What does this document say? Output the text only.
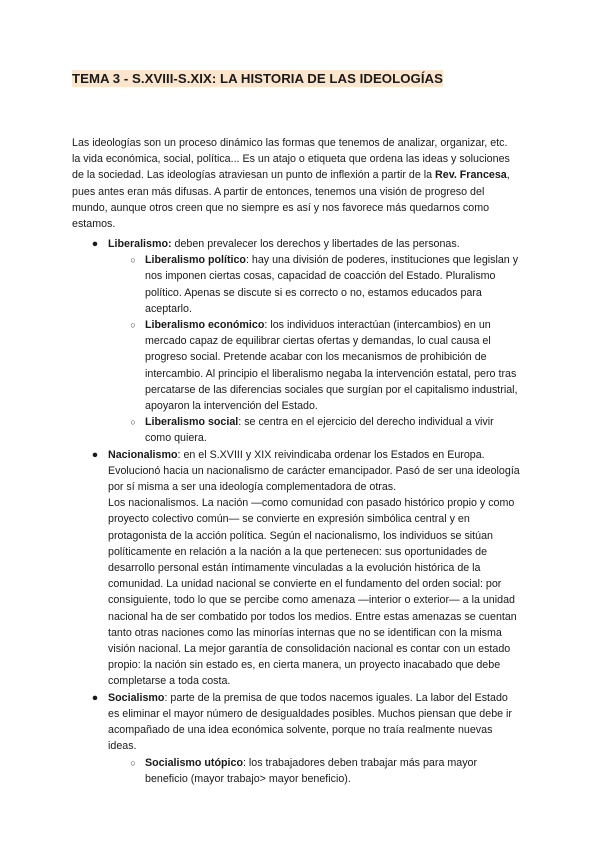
TEMA 3 - S.XVIII-S.XIX: LA HISTORIA DE LAS IDEOLOGÍAS

Las ideologías son un proceso dinámico las formas que tenemos de analizar, organizar, etc. la vida económica, social, política... Es un atajo o etiqueta que ordena las ideas y soluciones de la sociedad. Las ideologías atraviesan un punto de inflexión a partir de la Rev. Francesa, pues antes eran más difusas. A partir de entonces, tenemos una visión de progreso del mundo, aunque otros creen que no siempre es así y nos favorece más quedarnos como estamos.

● Liberalismo: deben prevalecer los derechos y libertades de las personas.
○ Liberalismo político: hay una división de poderes, instituciones que legislan y nos imponen ciertas cosas, capacidad de coacción del Estado. Pluralismo político. Apenas se discute si es correcto o no, estamos educados para aceptarlo.
○ Liberalismo económico: los individuos interactúan (intercambios) en un mercado capaz de equilibrar ciertas ofertas y demandas, lo cual causa el progreso social. Pretende acabar con los mecanismos de prohibición de intercambio. Al principio el liberalismo negaba la intervención estatal, pero tras percatarse de las diferencias sociales que surgían por el capitalismo industrial, apoyaron la intervención del Estado.
○ Liberalismo social: se centra en el ejercicio del derecho individual a vivir como quiera.
● Nacionalismo: en el S.XVIII y XIX reivindicaba ordenar los Estados en Europa. Evolucionó hacia un nacionalismo de carácter emancipador. Pasó de ser una ideología por sí misma a ser una ideología complementadora de otras.
Los nacionalismos. La nación —como comunidad con pasado histórico propio y como proyecto colectivo común— se convierte en expresión simbólica central y en protagonista de la acción política. Según el nacionalismo, los individuos se sitúan políticamente en relación a la nación a la que pertenecen: sus oportunidades de desarrollo personal están íntimamente vinculadas a la evolución histórica de la comunidad. La unidad nacional se convierte en el fundamento del orden social: por consiguiente, todo lo que se percibe como amenaza —interior o exterior— a la unidad nacional ha de ser combatido por todos los medios. Entre estas amenazas se cuentan tanto otras naciones como las minorías internas que no se identifican con la misma visión nacional. La mejor garantía de consolidación nacional es contar con un estado propio: la nación sin estado es, en cierta manera, un proyecto inacabado que debe completarse a toda costa.
● Socialismo: parte de la premisa de que todos nacemos iguales. La labor del Estado es eliminar el mayor número de desigualdades posibles. Muchos piensan que debe ir acompañado de una idea económica solvente, porque no traía realmente nuevas ideas.
○ Socialismo utópico: los trabajadores deben trabajar más para mayor beneficio (mayor trabajo> mayor beneficio).
